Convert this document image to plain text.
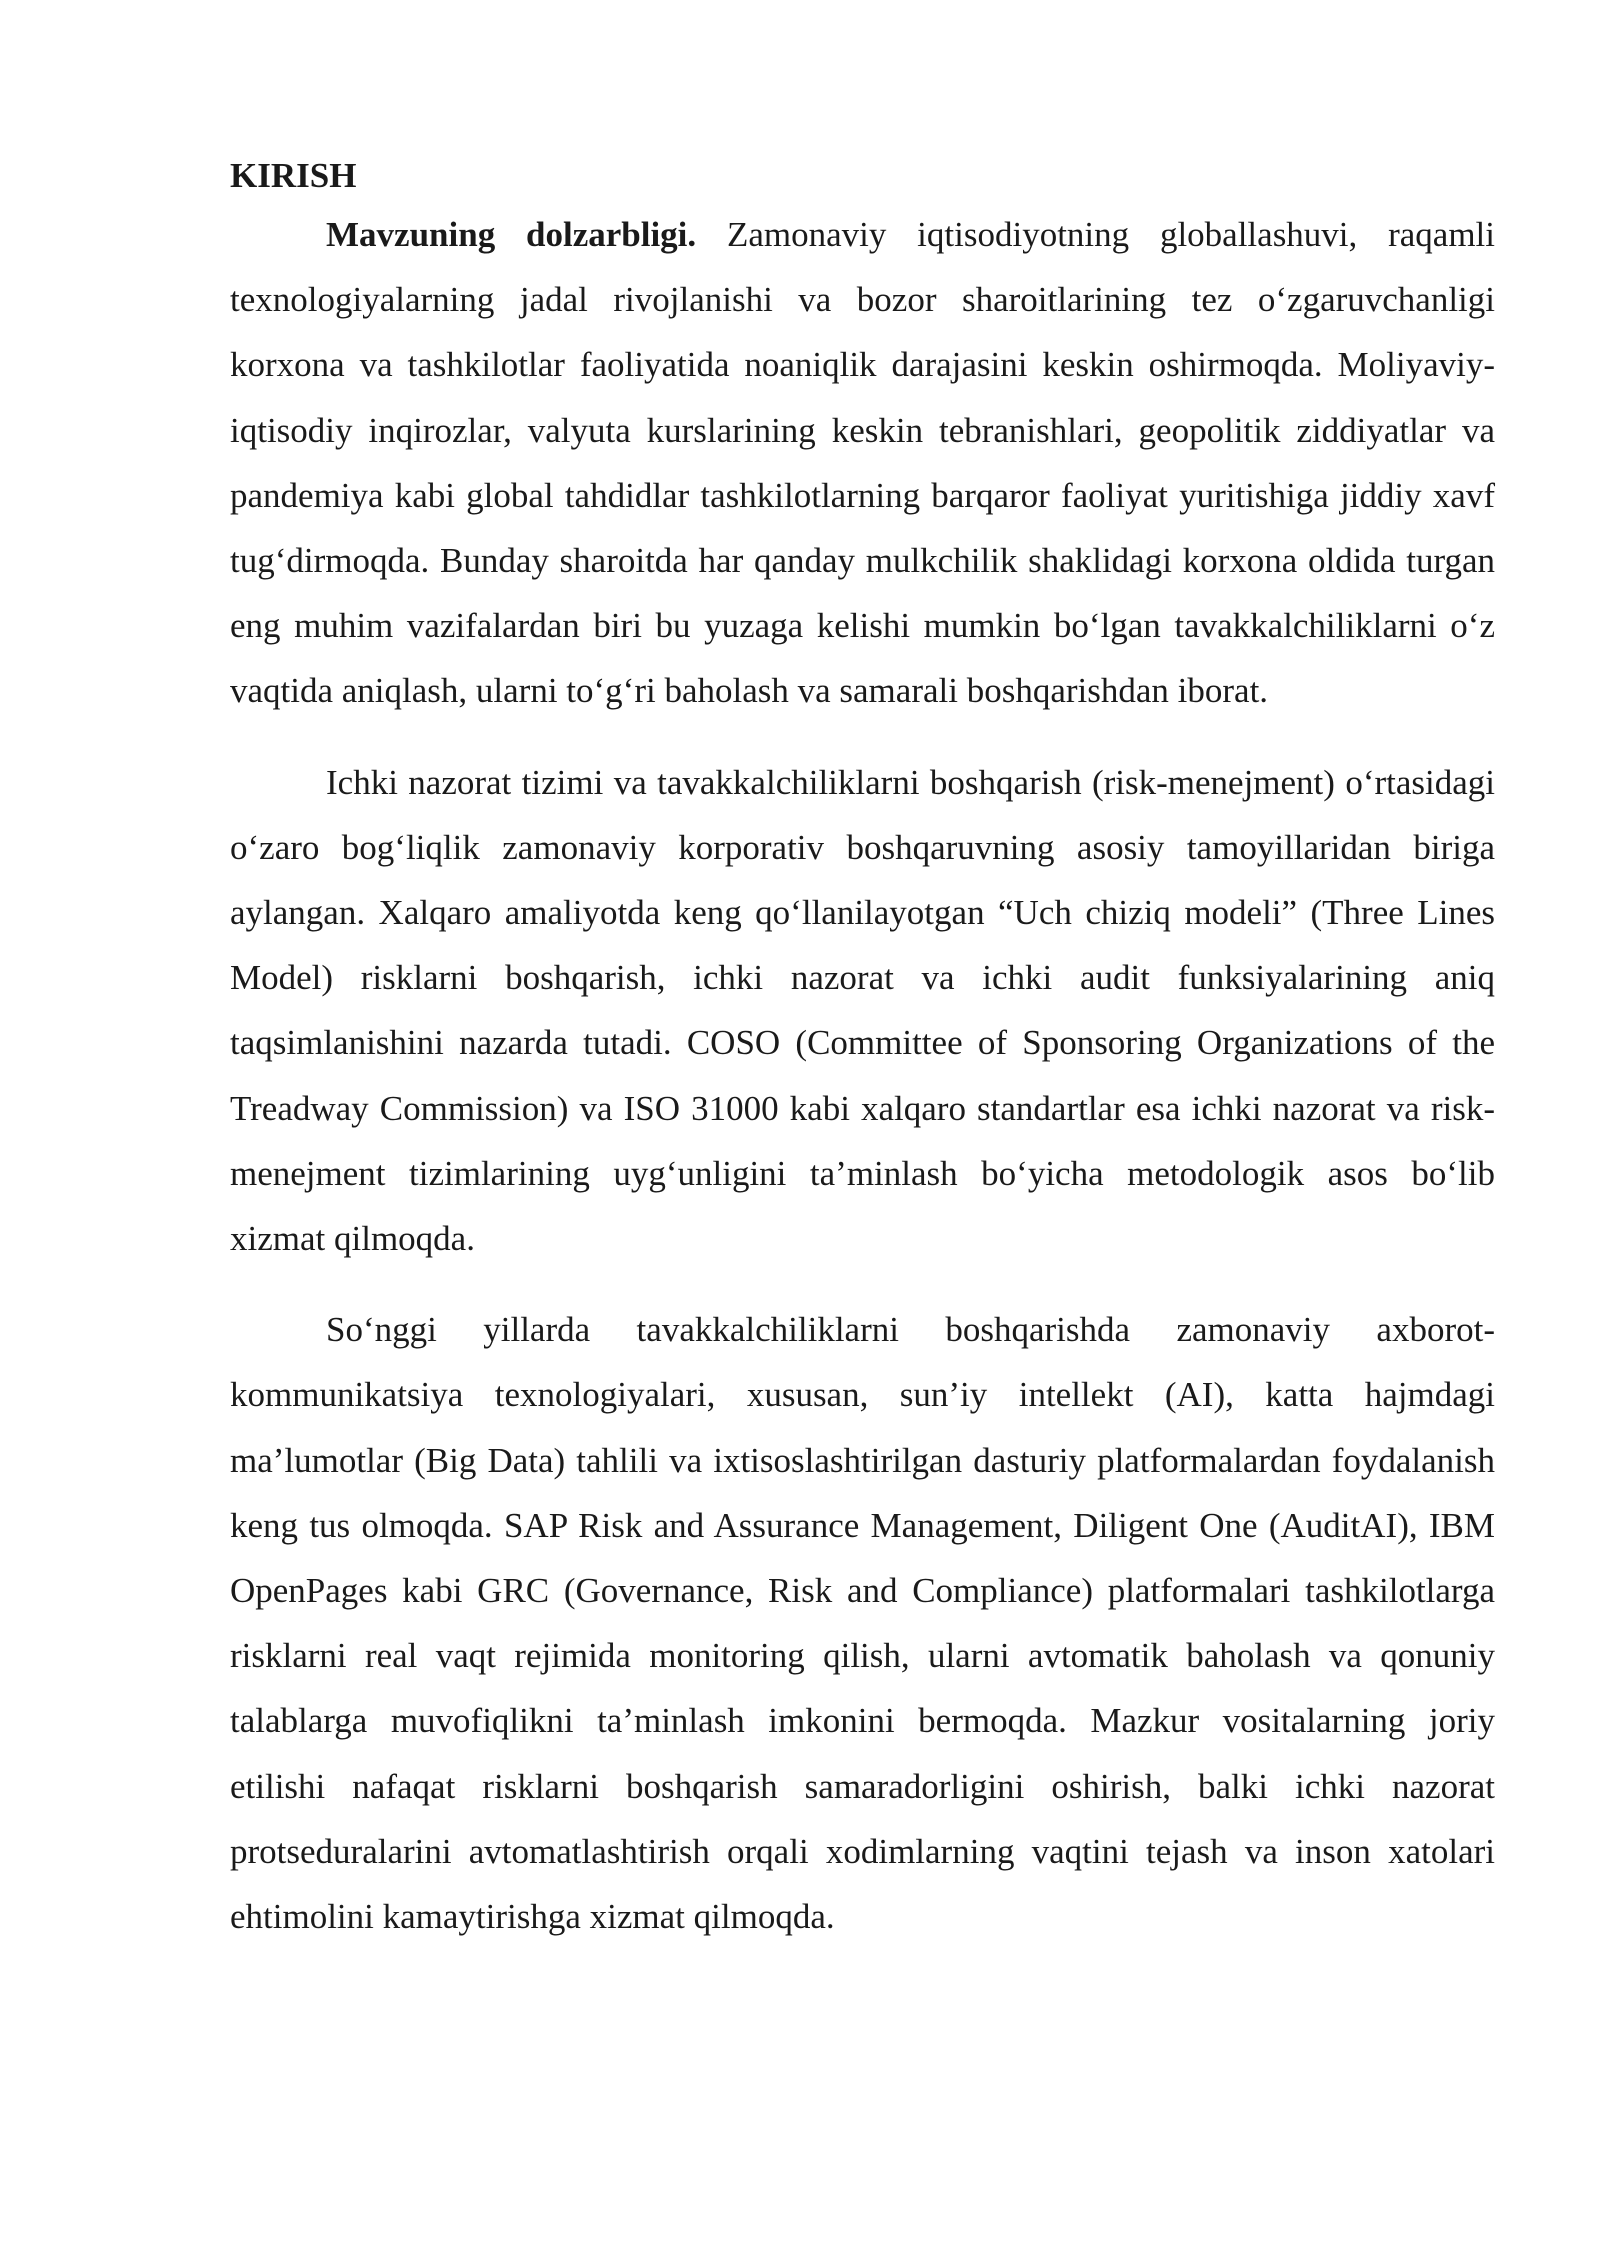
KIRISH

Mavzuning dolzarbligi. Zamonaviy iqtisodiyotning globallashuvi, raqamli texnologiyalarning jadal rivojlanishi va bozor sharoitlarining tez o‘zgaruvchanligi korxona va tashkilotlar faoliyatida noaniqlik darajasini keskin oshirmoqda. Moliyaviy-iqtisodiy inqirozlar, valyuta kurslarining keskin tebranishlari, geopolitik ziddiyatlar va pandemiya kabi global tahdidlar tashkilotlarning barqaror faoliyat yuritishiga jiddiy xavf tug‘dirmoqda. Bunday sharoitda har qanday mulkchilik shaklidagi korxona oldida turgan eng muhim vazifalardan biri bu yuzaga kelishi mumkin bo‘lgan tavakkalchiliklarni o‘z vaqtida aniqlash, ularni to‘g‘ri baholash va samarali boshqarishdan iborat.

Ichki nazorat tizimi va tavakkalchiliklarni boshqarish (risk-menejment) o‘rtasidagi o‘zaro bog‘liqlik zamonaviy korporativ boshqaruvning asosiy tamoyillaridan biriga aylangan. Xalqaro amaliyotda keng qo‘llanilayotgan “Uch chiziq modeli” (Three Lines Model) risklarni boshqarish, ichki nazorat va ichki audit funksiyalarining aniq taqsimlanishini nazarda tutadi. COSO (Committee of Sponsoring Organizations of the Treadway Commission) va ISO 31000 kabi xalqaro standartlar esa ichki nazorat va risk-menejment tizimlarining uyg‘unligini ta’minlash bo‘yicha metodologik asos bo‘lib xizmat qilmoqda.

So‘nggi yillarda tavakkalchiliklarni boshqarishda zamonaviy axborot-kommunikatsiya texnologiyalari, xususan, sun’iy intellekt (AI), katta hajmdagi ma’lumotlar (Big Data) tahlili va ixtisoslashtirilgan dasturiy platformalardan foydalanish keng tus olmoqda. SAP Risk and Assurance Management, Diligent One (AuditAI), IBM OpenPages kabi GRC (Governance, Risk and Compliance) platformalari tashkilotlarga risklarni real vaqt rejimida monitoring qilish, ularni avtomatik baholash va qonuniy talablarga muvofiqlikni ta’minlash imkonini bermoqda. Mazkur vositalarning joriy etilishi nafaqat risklarni boshqarish samaradorligini oshirish, balki ichki nazorat protseduralarini avtomatlashtirish orqali xodimlarning vaqtini tejash va inson xatolari ehtimolini kamaytirishga xizmat qilmoqda.
